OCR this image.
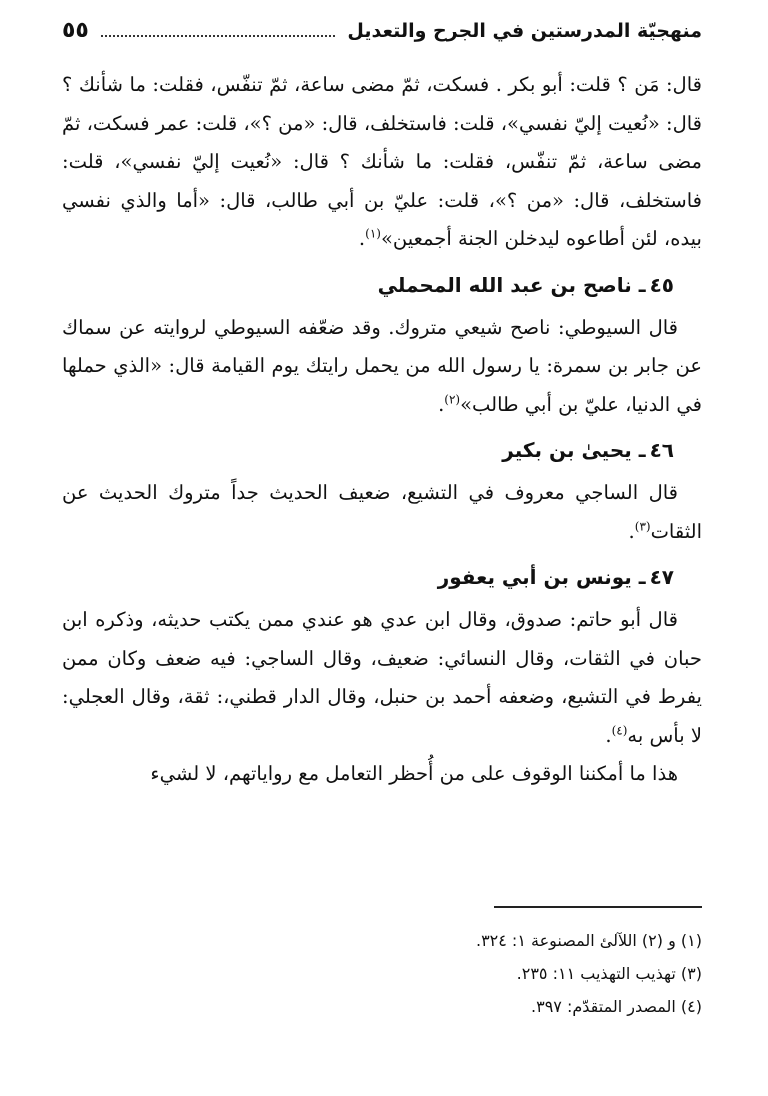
منهجيّة المدرستين في الجرح والتعديل
٥٥

قال: مَن ؟ قلت: أبو بكر . فسكت، ثمّ مضى ساعة، ثمّ تنفّس، فقلت: ما شأنك ؟ قال: «نُعيت إليّ نفسي»، قلت: فاستخلف، قال: «من ؟»، قلت: عمر فسكت، ثمّ مضى ساعة، ثمّ تنفّس، فقلت: ما شأنك ؟ قال: «نُعيت إليّ نفسي»، قلت: فاستخلف، قال: «من ؟»، قلت: عليّ بن أبي طالب، قال: «أما والذي نفسي بيده، لئن أطاعوه ليدخلن الجنة أجمعين»$^{(١)}$.

٤٥ـ ناصح بن عبد الله المحملي

قال السيوطي: ناصح شيعي متروك. وقد ضعّفه السيوطي لروايته عن سماك عن جابر بن سمرة: يا رسول الله من يحمل رايتك يوم القيامة قال: «الذي حملها في الدنيا، عليّ بن أبي طالب»$^{(٢)}$.

٤٦ـ يحيىٰ بن بكير

قال الساجي معروف في التشيع، ضعيف الحديث جداً متروك الحديث عن الثقات$^{(٣)}$.

٤٧ـ يونس بن أبي يعفور

قال أبو حاتم: صدوق، وقال ابن عدي هو عندي ممن يكتب حديثه، وذكره ابن حبان في الثقات، وقال النسائي: ضعيف، وقال الساجي: فيه ضعف وكان ممن يفرط في التشيع، وضعفه أحمد بن حنبل، وقال الدار قطني،: ثقة، وقال العجلي: لا بأس به$^{(٤)}$.

هذا ما أمكننا الوقوف على من أُحظر التعامل مع رواياتهم، لا لشيء

(١) و (٢) اللآلئ المصنوعة ١: ٣٢٤.
(٣) تهذيب التهذيب ١١: ٢٣٥.
(٤) المصدر المتقدّم: ٣٩٧.
